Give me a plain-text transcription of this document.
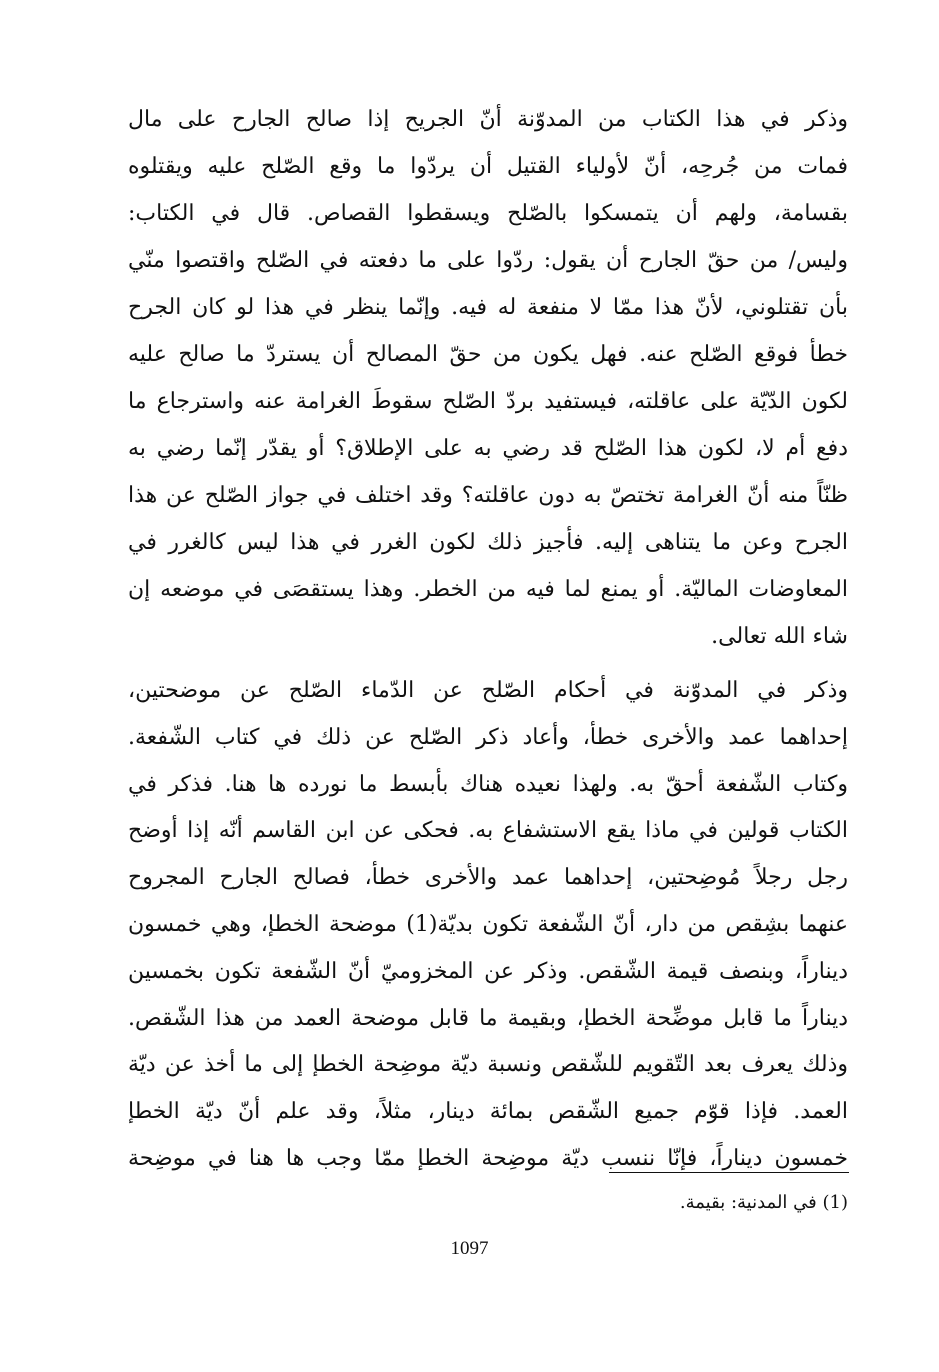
وذكر في هذا الكتاب من المدوّنة أنّ الجريح إذا صالح الجارح على مال
فمات من جُرحِه، أنّ لأولياء القتيل أن يردّوا ما وقع الصّلح عليه ويقتلوه
بقسامة، ولهم أن يتمسكوا بالصّلح ويسقطوا القصاص. قال في الكتاب:
وليس/ من حقّ الجارح أن يقول: ردّوا على ما دفعته في الصّلح واقتصوا منّي
بأن تقتلوني، لأنّ هذا ممّا لا منفعة له فيه. وإنّما ينظر في هذا لو كان الجرح
خطأ فوقع الصّلح عنه. فهل يكون من حقّ المصالح أن يستردّ ما صالح عليه
لكون الدّيّة على عاقلته، فيستفيد بردّ الصّلح سقوطَ الغرامة عنه واسترجاع ما
دفع أم لا، لكون هذا الصّلح قد رضي به على الإطلاق؟ أو يقدّر إنّما رضي به
ظنّاً منه أنّ الغرامة تختصّ به دون عاقلته؟ وقد اختلف في جواز الصّلح عن هذا
الجرح وعن ما يتناهى إليه. فأجيز ذلك لكون الغرر في هذا ليس كالغرر في
المعاوضات الماليّة. أو يمنع لما فيه من الخطر. وهذا يستقصَى في موضعه إن
شاء الله تعالى.
وذكر في المدوّنة في أحكام الصّلح عن الدّماء الصّلح عن موضحتين،
إحداهما عمد والأخرى خطأ، وأعاد ذكر الصّلح عن ذلك في كتاب الشّفعة.
وكتاب الشّفعة أحقّ به. ولهذا نعيده هناك بأبسط ما نورده ها هنا. فذكر في
الكتاب قولين في ماذا يقع الاستشفاع به. فحكى عن ابن القاسم أنّه إذا أوضح
رجل رجلاً مُوضِحتين، إحداهما عمد والأخرى خطأ، فصالح الجارح المجروح
عنهما بشِقص من دار، أنّ الشّفعة تكون بديّة(1) موضحة الخطإ، وهي خمسون
ديناراً، وبنصف قيمة الشّقص. وذكر عن المخزوميّ أنّ الشّفعة تكون بخمسين
ديناراً ما قابل موضِّحة الخطإ، وبقيمة ما قابل موضحة العمد من هذا الشّقص.
وذلك يعرف بعد التّقويم للشّقص ونسبة ديّة موضِحة الخطإ إلى ما أخذ عن ديّة
العمد. فإذا قوّم جميع الشّقص بمائة دينار، مثلاً، وقد علم أنّ ديّة الخطإ
خمسون ديناراً، فإنّا ننسب ديّة موضِحة الخطإ ممّا وجب ها هنا في موضِحة
(1) في المدنية: بقيمة.
1097
